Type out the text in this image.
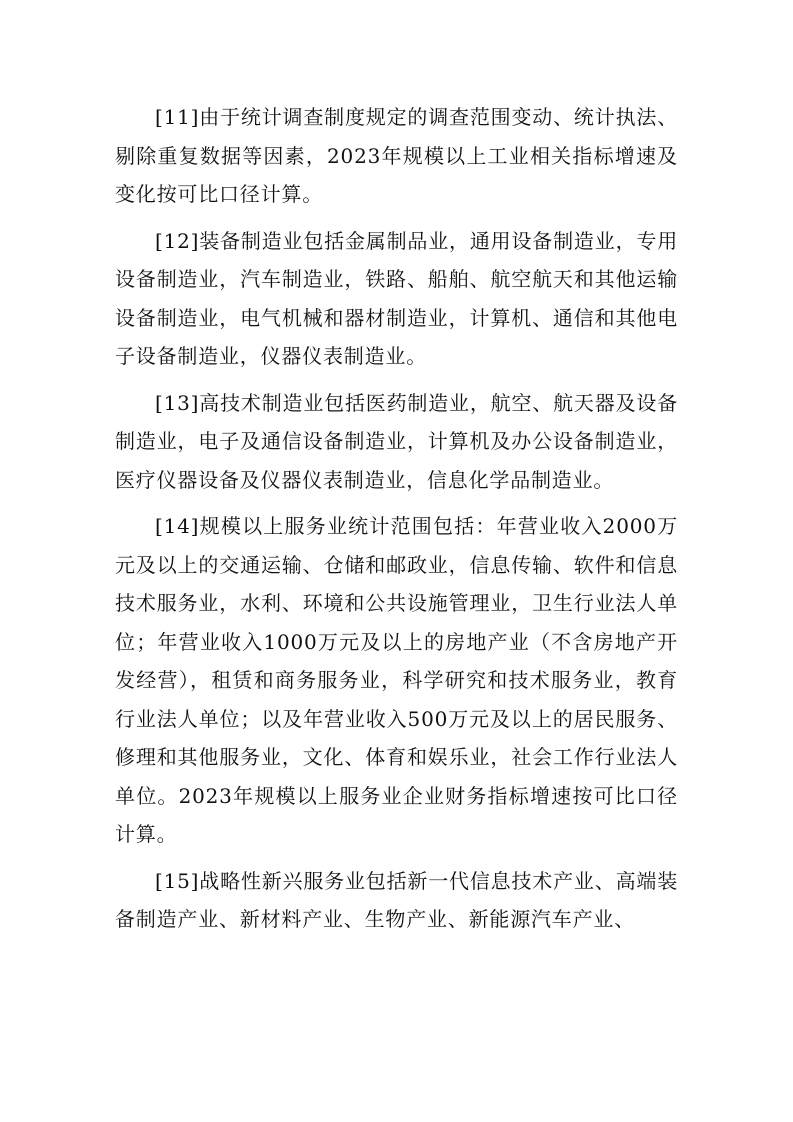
[11]由于统计调查制度规定的调查范围变动、统计执法、剔除重复数据等因素，2023年规模以上工业相关指标增速及变化按可比口径计算。

[12]装备制造业包括金属制品业，通用设备制造业，专用设备制造业，汽车制造业，铁路、船舶、航空航天和其他运输设备制造业，电气机械和器材制造业，计算机、通信和其他电子设备制造业，仪器仪表制造业。

[13]高技术制造业包括医药制造业，航空、航天器及设备制造业，电子及通信设备制造业，计算机及办公设备制造业，医疗仪器设备及仪器仪表制造业，信息化学品制造业。

[14]规模以上服务业统计范围包括：年营业收入2000万元及以上的交通运输、仓储和邮政业，信息传输、软件和信息技术服务业，水利、环境和公共设施管理业，卫生行业法人单位；年营业收入1000万元及以上的房地产业（不含房地产开发经营），租赁和商务服务业，科学研究和技术服务业，教育行业法人单位；以及年营业收入500万元及以上的居民服务、修理和其他服务业，文化、体育和娱乐业，社会工作行业法人单位。2023年规模以上服务业企业财务指标增速按可比口径计算。

[15]战略性新兴服务业包括新一代信息技术产业、高端装备制造产业、新材料产业、生物产业、新能源汽车产业、
